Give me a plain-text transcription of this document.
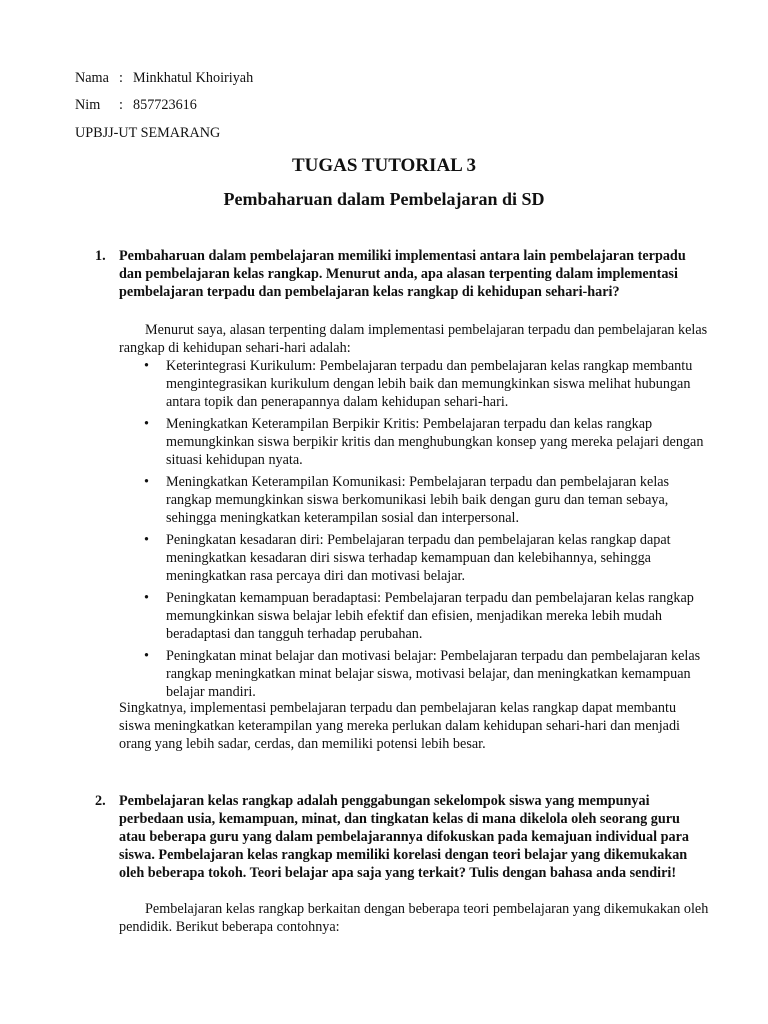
Nama : Minkhatul Khoiriyah

Nim : 857723616

UPBJJ-UT SEMARANG

TUGAS TUTORIAL 3
Pembaharuan dalam Pembelajaran di SD
1. Pembaharuan dalam pembelajaran memiliki implementasi antara lain pembelajaran terpadu dan pembelajaran kelas rangkap. Menurut anda, apa alasan terpenting dalam implementasi pembelajaran terpadu dan pembelajaran kelas rangkap di kehidupan sehari-hari?

Menurut saya, alasan terpenting dalam implementasi pembelajaran terpadu dan pembelajaran kelas rangkap di kehidupan sehari-hari adalah:

• Keterintegrasi Kurikulum: Pembelajaran terpadu dan pembelajaran kelas rangkap membantu mengintegrasikan kurikulum dengan lebih baik dan memungkinkan siswa melihat hubungan antara topik dan penerapannya dalam kehidupan sehari-hari.
• Meningkatkan Keterampilan Berpikir Kritis: Pembelajaran terpadu dan kelas rangkap memungkinkan siswa berpikir kritis dan menghubungkan konsep yang mereka pelajari dengan situasi kehidupan nyata.
• Meningkatkan Keterampilan Komunikasi: Pembelajaran terpadu dan pembelajaran kelas rangkap memungkinkan siswa berkomunikasi lebih baik dengan guru dan teman sebaya, sehingga meningkatkan keterampilan sosial dan interpersonal.
• Peningkatan kesadaran diri: Pembelajaran terpadu dan pembelajaran kelas rangkap dapat meningkatkan kesadaran diri siswa terhadap kemampuan dan kelebihannya, sehingga meningkatkan rasa percaya diri dan motivasi belajar.
• Peningkatan kemampuan beradaptasi: Pembelajaran terpadu dan pembelajaran kelas rangkap memungkinkan siswa belajar lebih efektif dan efisien, menjadikan mereka lebih mudah beradaptasi dan tangguh terhadap perubahan.
• Peningkatan minat belajar dan motivasi belajar: Pembelajaran terpadu dan pembelajaran kelas rangkap meningkatkan minat belajar siswa, motivasi belajar, dan meningkatkan kemampuan belajar mandiri.

Singkatnya, implementasi pembelajaran terpadu dan pembelajaran kelas rangkap dapat membantu siswa meningkatkan keterampilan yang mereka perlukan dalam kehidupan sehari-hari dan menjadi orang yang lebih sadar, cerdas, dan memiliki potensi lebih besar.

2. Pembelajaran kelas rangkap adalah penggabungan sekelompok siswa yang mempunyai perbedaan usia, kemampuan, minat, dan tingkatan kelas di mana dikelola oleh seorang guru atau beberapa guru yang dalam pembelajarannya difokuskan pada kemajuan individual para siswa. Pembelajaran kelas rangkap memiliki korelasi dengan teori belajar yang dikemukakan oleh beberapa tokoh. Teori belajar apa saja yang terkait? Tulis dengan bahasa anda sendiri!

Pembelajaran kelas rangkap berkaitan dengan beberapa teori pembelajaran yang dikemukakan oleh pendidik. Berikut beberapa contohnya:
